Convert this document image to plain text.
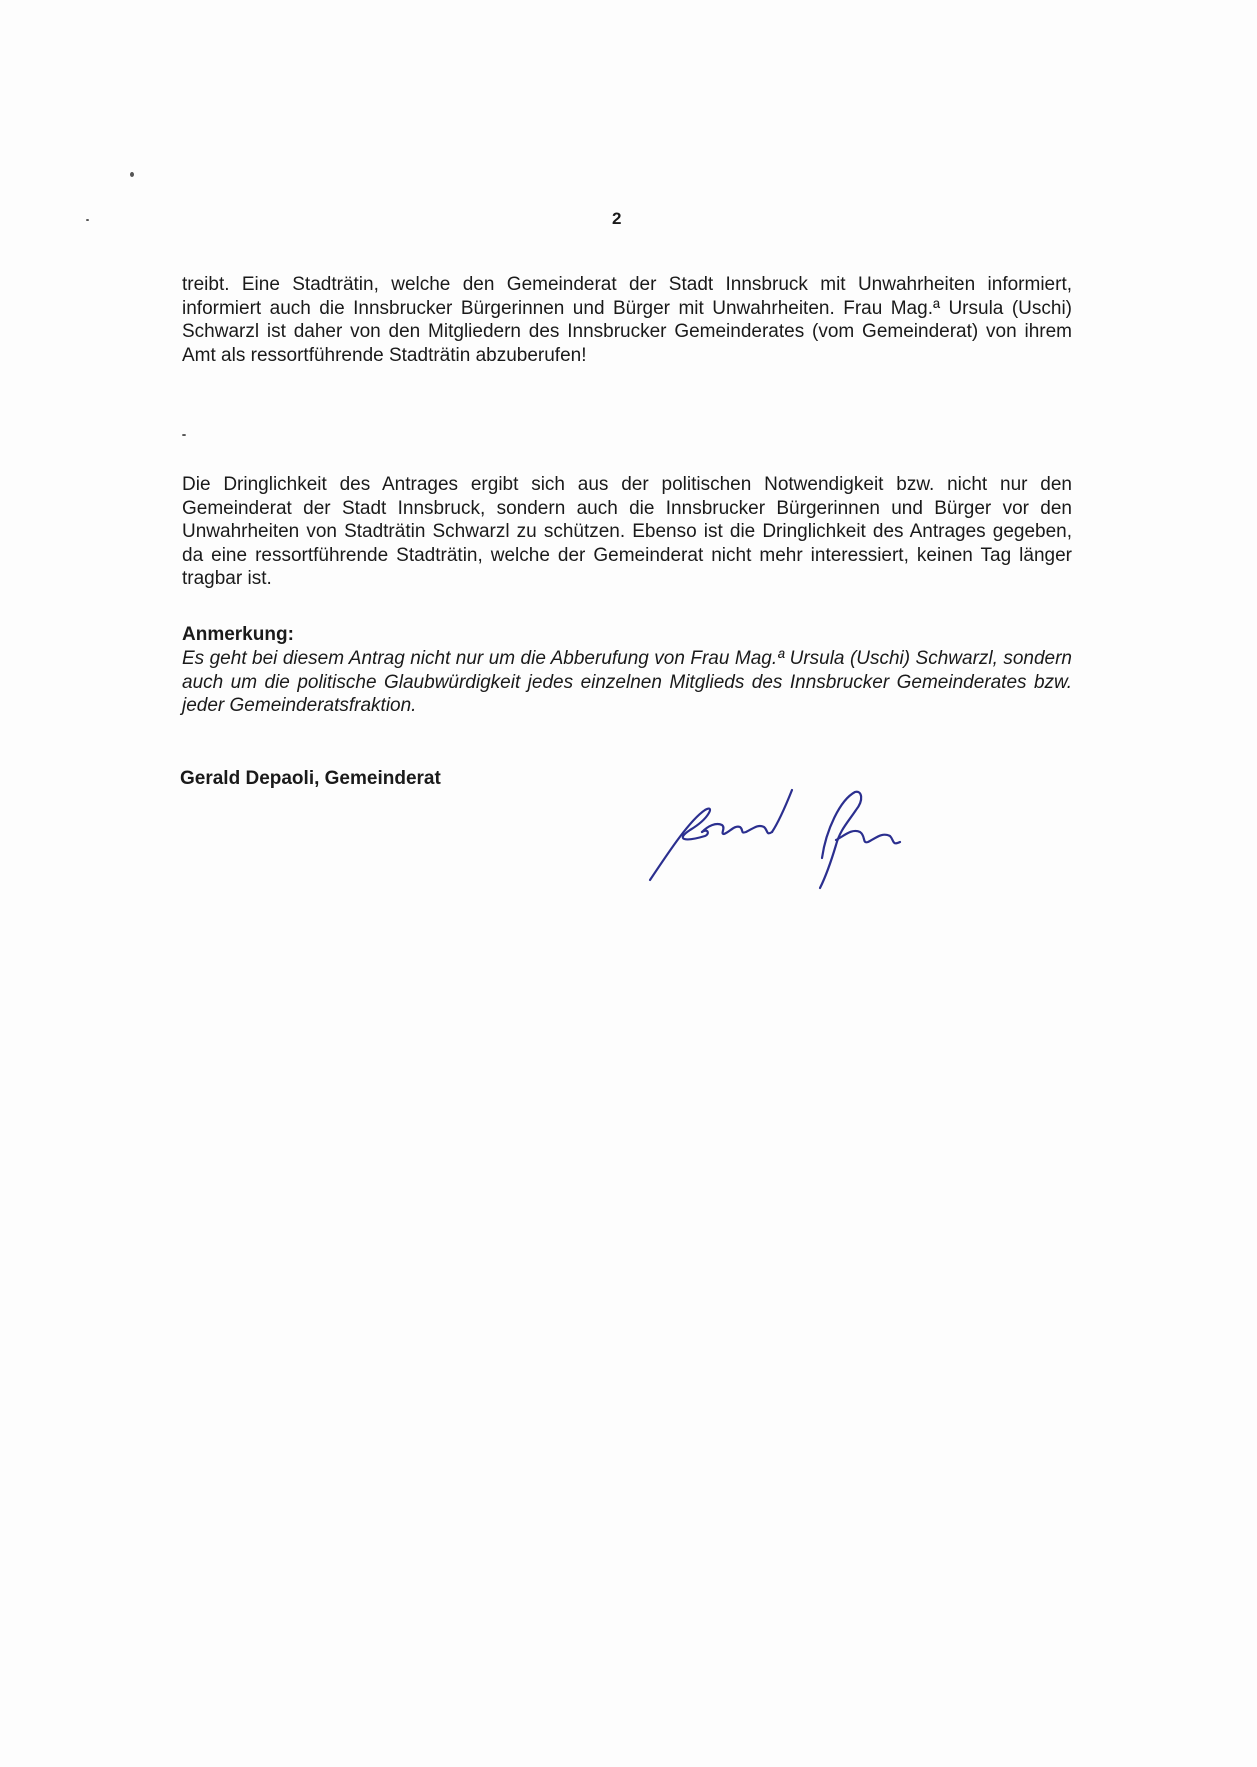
2

treibt. Eine Stadträtin, welche den Gemeinderat der Stadt Innsbruck mit Unwahrheiten informiert, informiert auch die Innsbrucker Bürgerinnen und Bürger mit Unwahrheiten. Frau Mag.ª Ursula (Uschi) Schwarzl ist daher von den Mitgliedern des Innsbrucker Gemeinderates (vom Gemeinderat) von ihrem Amt als ressortführende Stadträtin abzuberufen!

Die Dringlichkeit des Antrages ergibt sich aus der politischen Notwendigkeit bzw. nicht nur den Gemeinderat der Stadt Innsbruck, sondern auch die Innsbrucker Bürgerinnen und Bürger vor den Unwahrheiten von Stadträtin Schwarzl zu schützen. Ebenso ist die Dringlichkeit des Antrages gegeben, da eine ressortführende Stadträtin, welche der Gemeinderat nicht mehr interessiert, keinen Tag länger tragbar ist.

Anmerkung:

Es geht bei diesem Antrag nicht nur um die Abberufung von Frau Mag.ª Ursula (Uschi) Schwarzl, sondern auch um die politische Glaubwürdigkeit jedes einzelnen Mitglieds des Innsbrucker Gemeinderates bzw. jeder Gemeinderatsfraktion.

Gerald Depaoli, Gemeinderat
